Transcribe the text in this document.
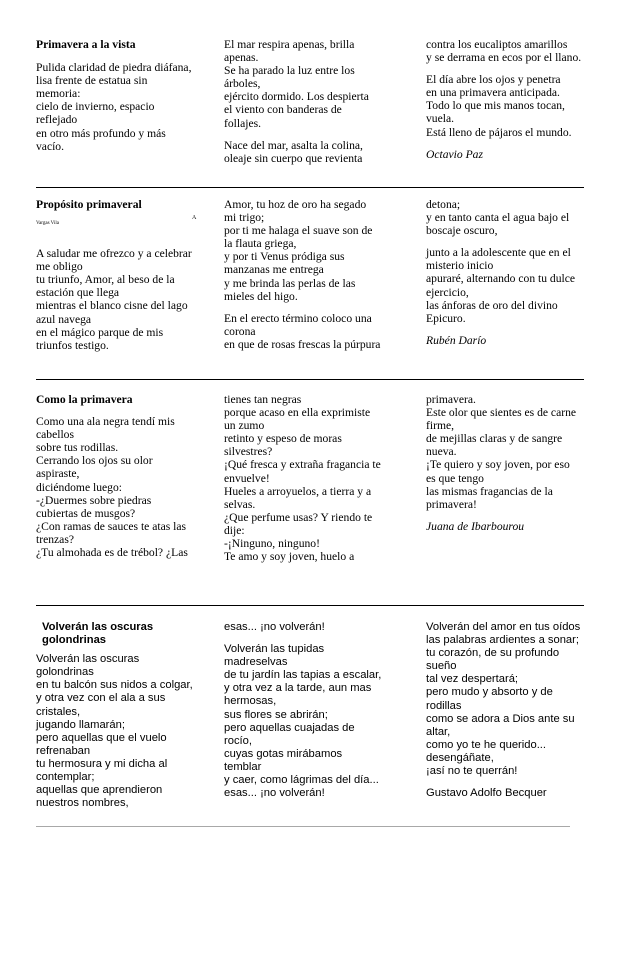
Primavera a la vista

Pulida claridad de piedra diáfana,
lisa frente de estatua sin
memoria:
cielo de invierno, espacio
reflejado
en otro más profundo y más
vacío.

El mar respira apenas, brilla
apenas.
Se ha parado la luz entre los
árboles,
ejército dormido. Los despierta
el viento con banderas de
follajes.

Nace del mar, asalta la colina,
oleaje sin cuerpo que revienta

contra los eucaliptos amarillos
y se derrama en ecos por el llano.

El día abre los ojos y penetra
en una primavera anticipada.
Todo lo que mis manos tocan,
vuela.
Está lleno de pájaros el mundo.

Octavio Paz

Propósito primaveral

A
Vargas Vila

A saludar me ofrezco y a celebrar
me obligo
tu triunfo, Amor, al beso de la
estación que llega
mientras el blanco cisne del lago
azul navega
en el mágico parque de mis
triunfos testigo.

Amor, tu hoz de oro ha segado
mi trigo;
por ti me halaga el suave son de
la flauta griega,
y por ti Venus pródiga sus
manzanas me entrega
y me brinda las perlas de las
mieles del higo.

En el erecto término coloco una
corona
en que de rosas frescas la púrpura

detona;
y en tanto canta el agua bajo el
boscaje oscuro,

junto a la adolescente que en el
misterio inicio
apuraré, alternando con tu dulce
ejercicio,
las ánforas de oro del divino
Epicuro.

Rubén Darío

Como la primavera

Como una ala negra tendí mis
cabellos
sobre tus rodillas.
Cerrando los ojos su olor
aspiraste,
diciéndome luego:
-¿Duermes sobre piedras
cubiertas de musgos?
¿Con ramas de sauces te atas las
trenzas?
¿Tu almohada es de trébol? ¿Las

tienes tan negras
porque acaso en ella exprimiste
un zumo
retinto y espeso de moras
silvestres?
¡Qué fresca y extraña fragancia te
envuelve!
Hueles a arroyuelos, a tierra y a
selvas.
¿Que perfume usas? Y riendo te
dije:
-¡Ninguno, ninguno!
Te amo y soy joven, huelo a

primavera.
Este olor que sientes es de carne
firme,
de mejillas claras y de sangre
nueva.
¡Te quiero y soy joven, por eso
es que tengo
las mismas fragancias de la
primavera!

Juana de Ibarbourou

Volverán las oscuras
golondrinas

Volverán las oscuras
golondrinas
en tu balcón sus nidos a colgar,
y otra vez con el ala a sus
cristales,
jugando llamarán;
pero aquellas que el vuelo
refrenaban
tu hermosura y mi dicha al
contemplar;
aquellas que aprendieron
nuestros nombres,

esas... ¡no volverán!

Volverán las tupidas
madreselvas
de tu jardín las tapias a escalar,
y otra vez a la tarde, aun mas
hermosas,
sus flores se abrirán;
pero aquellas cuajadas de
rocío,
cuyas gotas mirábamos
temblar
y caer, como lágrimas del día...
esas... ¡no volverán!

Volverán del amor en tus oídos
las palabras ardientes a sonar;
tu corazón, de su profundo
sueño
tal vez despertará;
pero mudo y absorto y de
rodillas
como se adora a Dios ante su
altar,
como yo te he querido...
desengáñate,
¡así no te querrán!

Gustavo Adolfo Becquer
